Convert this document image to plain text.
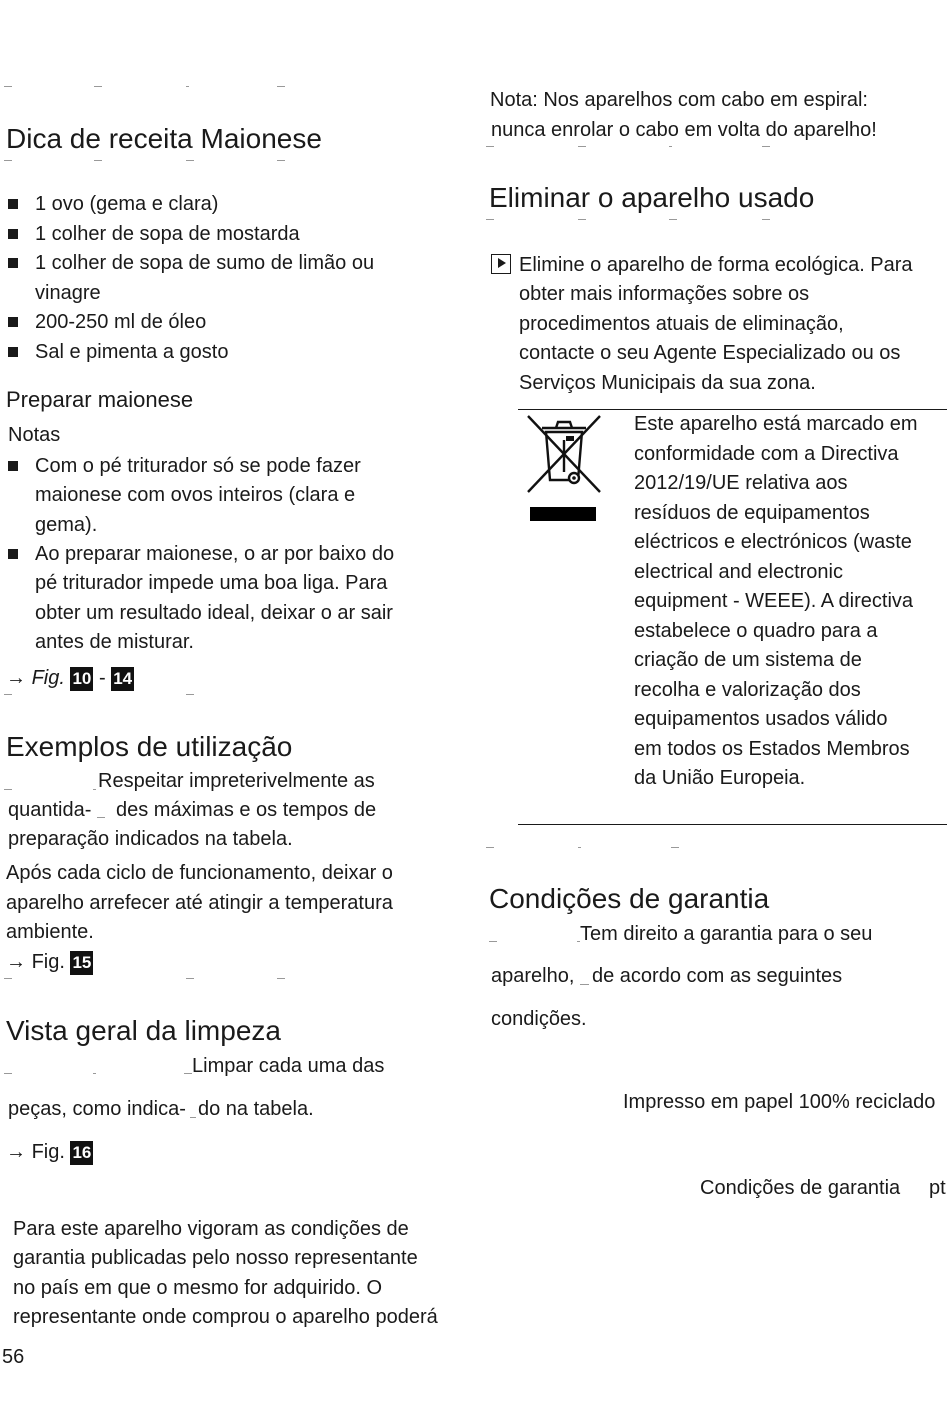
Dica de receita Maionese
1 ovo (gema e clara)
1 colher de sopa de mostarda
1 colher de sopa de sumo de limão ou
vinagre
200-250 ml de óleo
Sal e pimenta a gosto
Preparar maionese
Notas
Com o pé triturador só se pode fazer
maionese com ovos inteiros (clara e
gema).
Ao preparar maionese, o ar por baixo do
pé triturador impede uma boa liga. Para
obter um resultado ideal, deixar o ar sair
antes de misturar.
→ Fig. 10 - 14
Exemplos de utilização
Respeitar impreterivelmente as
quantida- des máximas e os tempos de
preparação indicados na tabela.
Após cada ciclo de funcionamento, deixar o
aparelho arrefecer até atingir a temperatura
ambiente.
→ Fig. 15
Vista geral da limpeza
Limpar cada uma das
peças, como indica- do na tabela.
→ Fig. 16
Para este aparelho vigoram as condições de
garantia publicadas pelo nosso representante
no país em que o mesmo for adquirido. O
representante onde comprou o aparelho poderá
56
Nota: Nos aparelhos com cabo em espiral:
nunca enrolar o cabo em volta do aparelho!
Eliminar o aparelho usado
Elimine o aparelho de forma ecológica. Para
obter mais informações sobre os
procedimentos atuais de eliminação,
contacte o seu Agente Especializado ou os
Serviços Municipais da sua zona.
Este aparelho está marcado em
conformidade com a Directiva
2012/19/UE relativa aos
resíduos de equipamentos
eléctricos e electrónicos (waste
electrical and electronic
equipment - WEEE). A directiva
estabelece o quadro para a
criação de um sistema de
recolha e valorização dos
equipamentos usados válido
em todos os Estados Membros
da União Europeia.
Condições de garantia
Tem direito a garantia para o seu
aparelho, de acordo com as seguintes
condições.
Impresso em papel 100% reciclado
Condições de garantia pt
